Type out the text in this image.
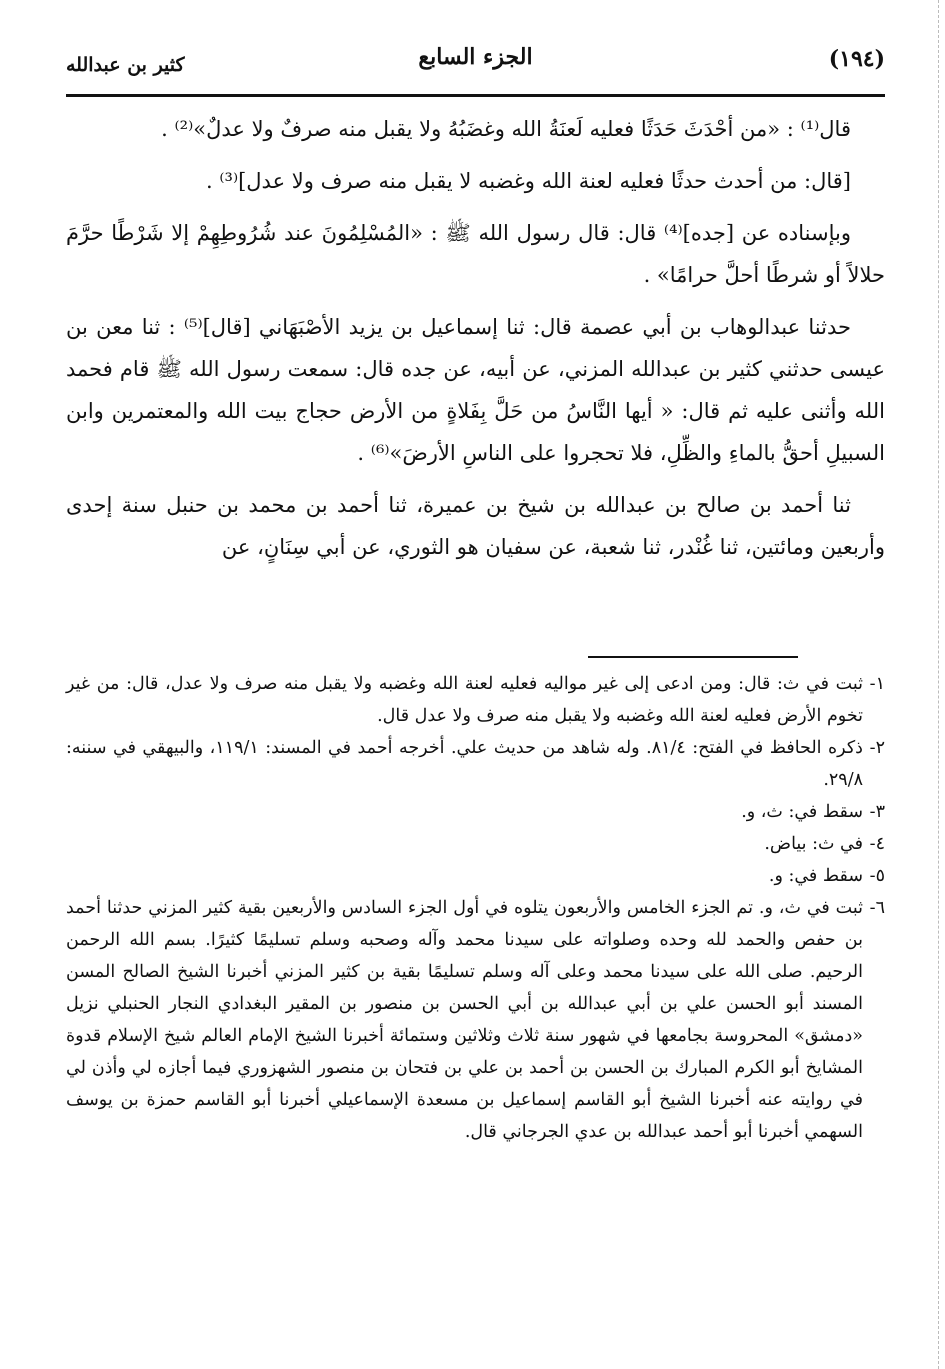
(١٩٤)
الجزء السابع
كثير بن عبدالله

قال⁽¹⁾ : «من أحْدَثَ حَدَثًا فعليه لَعنَةُ الله وغضَبُهُ ولا يقبل منه صرفٌ ولا عدلٌ»⁽²⁾ .

[قال: من أحدث حدثًا فعليه لعنة الله وغضبه لا يقبل منه صرف ولا عدل]⁽³⁾ .

وبإسناده عن [جده]⁽⁴⁾ قال: قال رسول الله ﷺ : «المُسْلِمُونَ عند شُرُوطِهِمْ إلا شَرْطًا حرَّمَ حلالاً أو شرطًا أحلَّ حرامًا» .

حدثنا عبدالوهاب بن أبي عصمة قال: ثنا إسماعيل بن يزيد الأصْبَهَاني [قال]⁽⁵⁾ : ثنا معن بن عيسى حدثني كثير بن عبدالله المزني، عن أبيه، عن جده قال: سمعت رسول الله ﷺ قام فحمد الله وأثنى عليه ثم قال: « أيها النَّاسُ من حَلَّ بِفَلاةٍ من الأرض حجاج بيت الله والمعتمرين وابن السبيلِ أحقُّ بالماءِ والظِّلِ، فلا تحجروا على الناسِ الأرضَ»⁽⁶⁾ .

ثنا أحمد بن صالح بن عبدالله بن شيخ بن عميرة، ثنا أحمد بن محمد بن حنبل سنة إحدى وأربعين ومائتين، ثنا غُنْدر، ثنا شعبة، عن سفيان هو الثوري، عن أبي سِنَانٍ، عن

١-
ثبت في ث: قال: ومن ادعى إلى غير مواليه فعليه لعنة الله وغضبه ولا يقبل منه صرف ولا عدل، قال: من غير تخوم الأرض فعليه لعنة الله وغضبه ولا يقبل منه صرف ولا عدل قال.
٢-
ذكره الحافظ في الفتح: ٨١/٤. وله شاهد من حديث علي. أخرجه أحمد في المسند: ١١٩/١، والبيهقي في سننه: ٢٩/٨.
٣-
سقط في: ث، و.
٤-
في ث: بياض.
٥-
سقط في: و.
٦-
ثبت في ث، و. تم الجزء الخامس والأربعون يتلوه في أول الجزء السادس والأربعين بقية كثير المزني حدثنا أحمد بن حفص والحمد لله وحده وصلواته على سيدنا محمد وآله وصحبه وسلم تسليمًا كثيرًا. بسم الله الرحمن الرحيم. صلى الله على سيدنا محمد وعلى آله وسلم تسليمًا بقية بن كثير المزني أخبرنا الشيخ الصالح المسن المسند أبو الحسن علي بن أبي عبدالله بن أبي الحسن بن منصور بن المقير البغدادي النجار الحنبلي نزيل «دمشق» المحروسة بجامعها في شهور سنة ثلاث وثلاثين وستمائة أخبرنا الشيخ الإمام العالم شيخ الإسلام قدوة المشايخ أبو الكرم المبارك بن الحسن بن أحمد بن علي بن فتحان بن منصور الشهزوري فيما أجازه لي وأذن لي في روايته عنه أخبرنا الشيخ أبو القاسم إسماعيل بن مسعدة الإسماعيلي أخبرنا أبو القاسم حمزة بن يوسف السهمي أخبرنا أبو أحمد عبدالله بن عدي الجرجاني قال.
